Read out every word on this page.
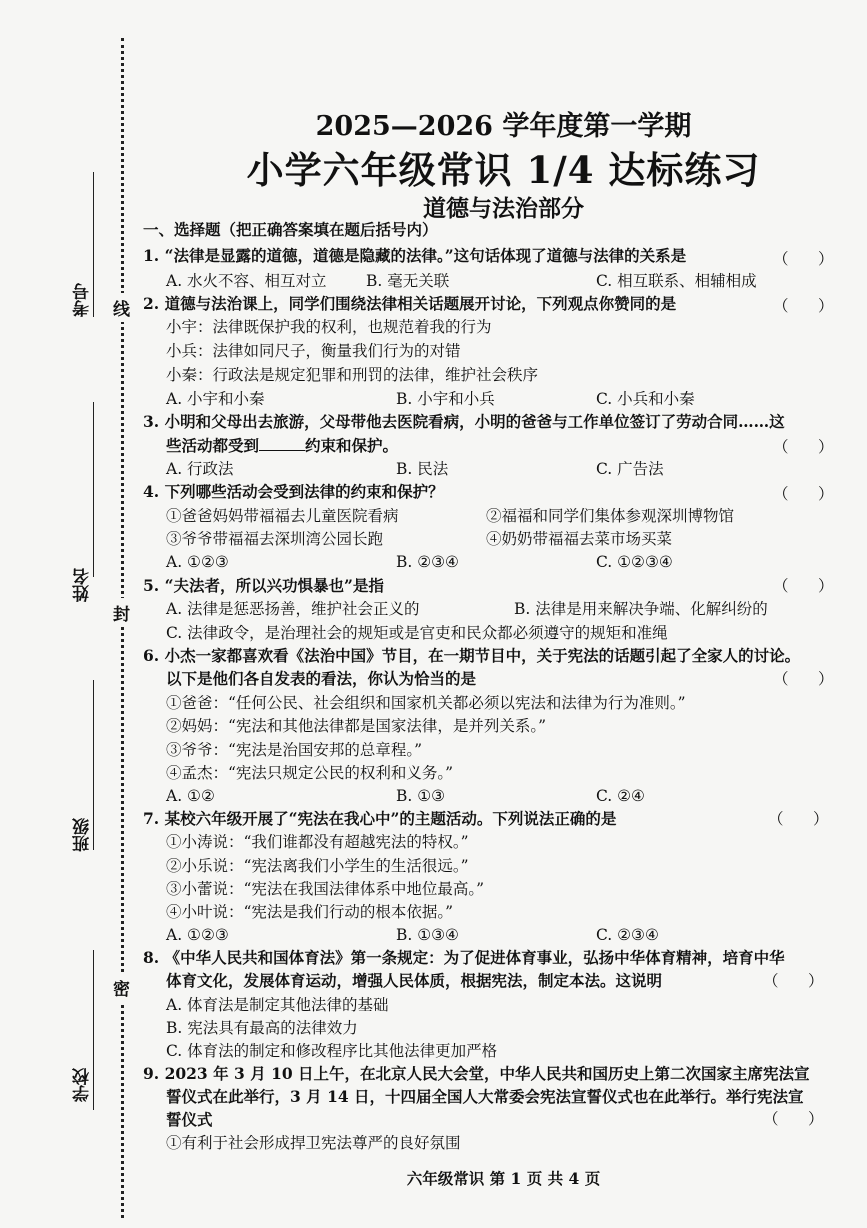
考号
姓名
班级
学校
线
封
密
2025—2026 学年度第一学期
小学六年级常识 1/4 达标练习
道德与法治部分
一、选择题（把正确答案填在题后括号内）
1. “法律是显露的道德，道德是隐藏的法律。”这句话体现了道德与法律的关系是	（      ）
A. 水火不容、相互对立	B. 毫无关联	C. 相互联系、相辅相成
2. 道德与法治课上，同学们围绕法律相关话题展开讨论，下列观点你赞同的是	（      ）
小宇：法律既保护我的权利，也规范着我的行为
小兵：法律如同尺子，衡量我们行为的对错
小秦：行政法是规定犯罪和刑罚的法律，维护社会秩序
A. 小宇和小秦	B. 小宇和小兵	C. 小兵和小秦
3. 小明和父母出去旅游，父母带他去医院看病，小明的爸爸与工作单位签订了劳动合同……这
些活动都受到	约束和保护。	（      ）
A. 行政法	B. 民法	C. 广告法
4. 下列哪些活动会受到法律的约束和保护？	（      ）
①爸爸妈妈带福福去儿童医院看病	②福福和同学们集体参观深圳博物馆
③爷爷带福福去深圳湾公园长跑	④奶奶带福福去菜市场买菜
A. ①②③	B. ②③④	C. ①②③④
5. “夫法者，所以兴功惧暴也”是指	（      ）
A. 法律是惩恶扬善，维护社会正义的	B. 法律是用来解决争端、化解纠纷的
C. 法律政令，是治理社会的规矩或是官吏和民众都必须遵守的规矩和准绳
6. 小杰一家都喜欢看《法治中国》节目，在一期节目中，关于宪法的话题引起了全家人的讨论。
以下是他们各自发表的看法，你认为恰当的是	（      ）
①爸爸：“任何公民、社会组织和国家机关都必须以宪法和法律为行为准则。”
②妈妈：“宪法和其他法律都是国家法律，是并列关系。”
③爷爷：“宪法是治国安邦的总章程。”
④孟杰：“宪法只规定公民的权利和义务。”
A. ①②	B. ①③	C. ②④
7. 某校六年级开展了“宪法在我心中”的主题活动。下列说法正确的是	（      ）
①小涛说：“我们谁都没有超越宪法的特权。”
②小乐说：“宪法离我们小学生的生活很远。”
③小蕾说：“宪法在我国法律体系中地位最高。”
④小叶说：“宪法是我们行动的根本依据。”
A. ①②③	B. ①③④	C. ②③④
8. 《中华人民共和国体育法》第一条规定：为了促进体育事业，弘扬中华体育精神，培育中华
体育文化，发展体育运动，增强人民体质，根据宪法，制定本法。这说明	（      ）
A. 体育法是制定其他法律的基础
B. 宪法具有最高的法律效力
C. 体育法的制定和修改程序比其他法律更加严格
9. 2023 年 3 月 10 日上午，在北京人民大会堂，中华人民共和国历史上第二次国家主席宪法宣
誓仪式在此举行，3 月 14 日，十四届全国人大常委会宪法宣誓仪式也在此举行。举行宪法宣
誓仪式	（      ）
①有利于社会形成捍卫宪法尊严的良好氛围
六年级常识 第 1 页 共 4 页
